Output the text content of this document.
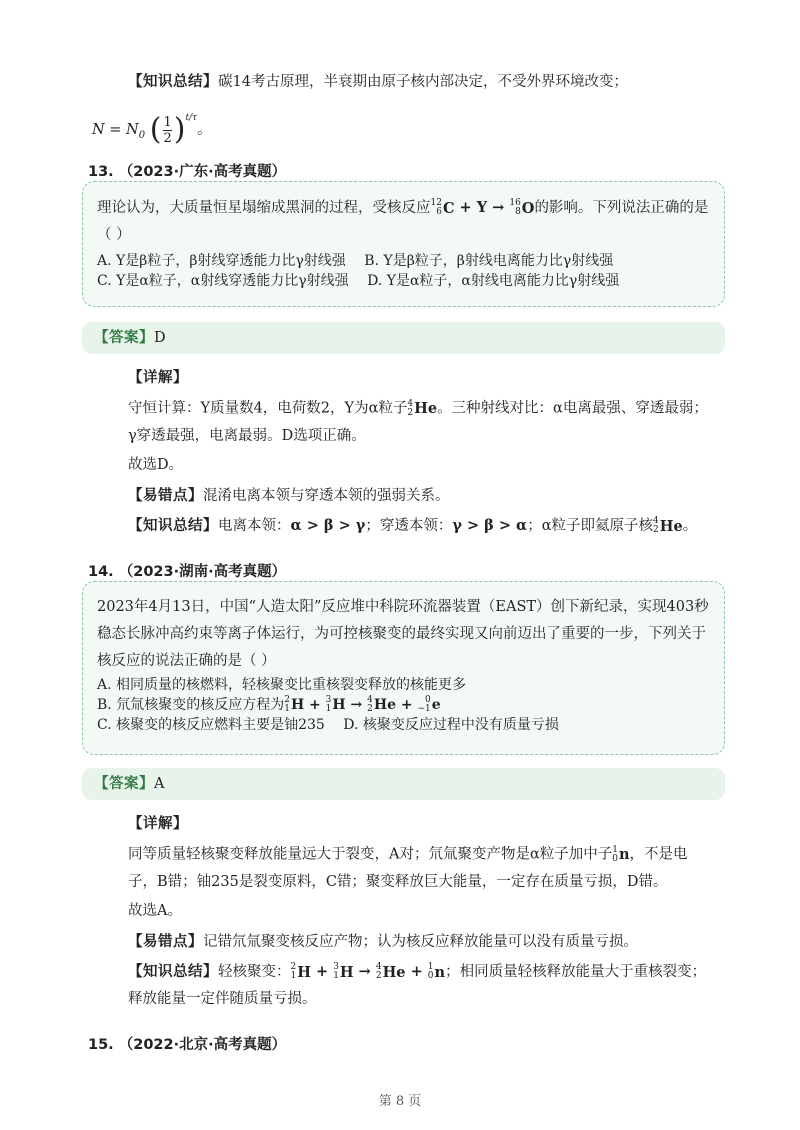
【知识总结】碳14考古原理，半衰期由原子核内部决定，不受外界环境改变；

$N = N_0$ ( $\frac{1}{2} )^{t/\tau}$。

13. （2023·广东·高考真题）

理论认为，大质量恒星塌缩成黑洞的过程，受核反应 12
6 C + Y → 16
8 O 的影响。下列说法正确的是（ ）

A. Y是β粒子，β射线穿透能力比γ射线强　 B. Y是β粒子，β射线电离能力比γ射线强

C. Y是α粒子，α射线穿透能力比γ射线强　 D. Y是α粒子，α射线电离能力比γ射线强

【答案】D

【详解】

守恒计算：Y质量数4，电荷数2，Y为α粒子 4
2 He 。三种射线对比：α电离最强、穿透最弱；γ穿透最强，电离最弱。D选项正确。

故选D。

【易错点】混淆电离本领与穿透本领的强弱关系。

【知识总结】电离本领：α > β > γ；穿透本领：γ > β > α；α粒子即氦原子核 4
2 He 。

14. （2023·湖南·高考真题）

2023年4月13日，中国“人造太阳”反应堆中科院环流器装置（EAST）创下新纪录，实现403秒稳态长脉冲高约束等离子体运行，为可控核聚变的最终实现又向前迈出了重要的一步，下列关于核反应的说法正确的是（ ）

A. 相同质量的核燃料，轻核聚变比重核裂变释放的核能更多

B. 氘氚核聚变的核反应方程为 2
1 H + 3
1 H → 4
2 He + 0
−1 e

C. 核聚变的核反应燃料主要是铀235　 D. 核聚变反应过程中没有质量亏损

【答案】A

【详解】

同等质量轻核聚变释放能量远大于裂变，A对；氘氚聚变产物是α粒子加中子 1
0 n ，不是电子，B错；铀235是裂变原料，C错；聚变释放巨大能量，一定存在质量亏损，D错。

故选A。

【易错点】记错氘氚聚变核反应产物；认为核反应释放能量可以没有质量亏损。

【知识总结】轻核聚变： 2
1 H + 3
1 H → 4
2 He + 1
0 n ；相同质量轻核释放能量大于重核裂变；释放能量一定伴随质量亏损。

15. （2022·北京·高考真题）
第 8 页
